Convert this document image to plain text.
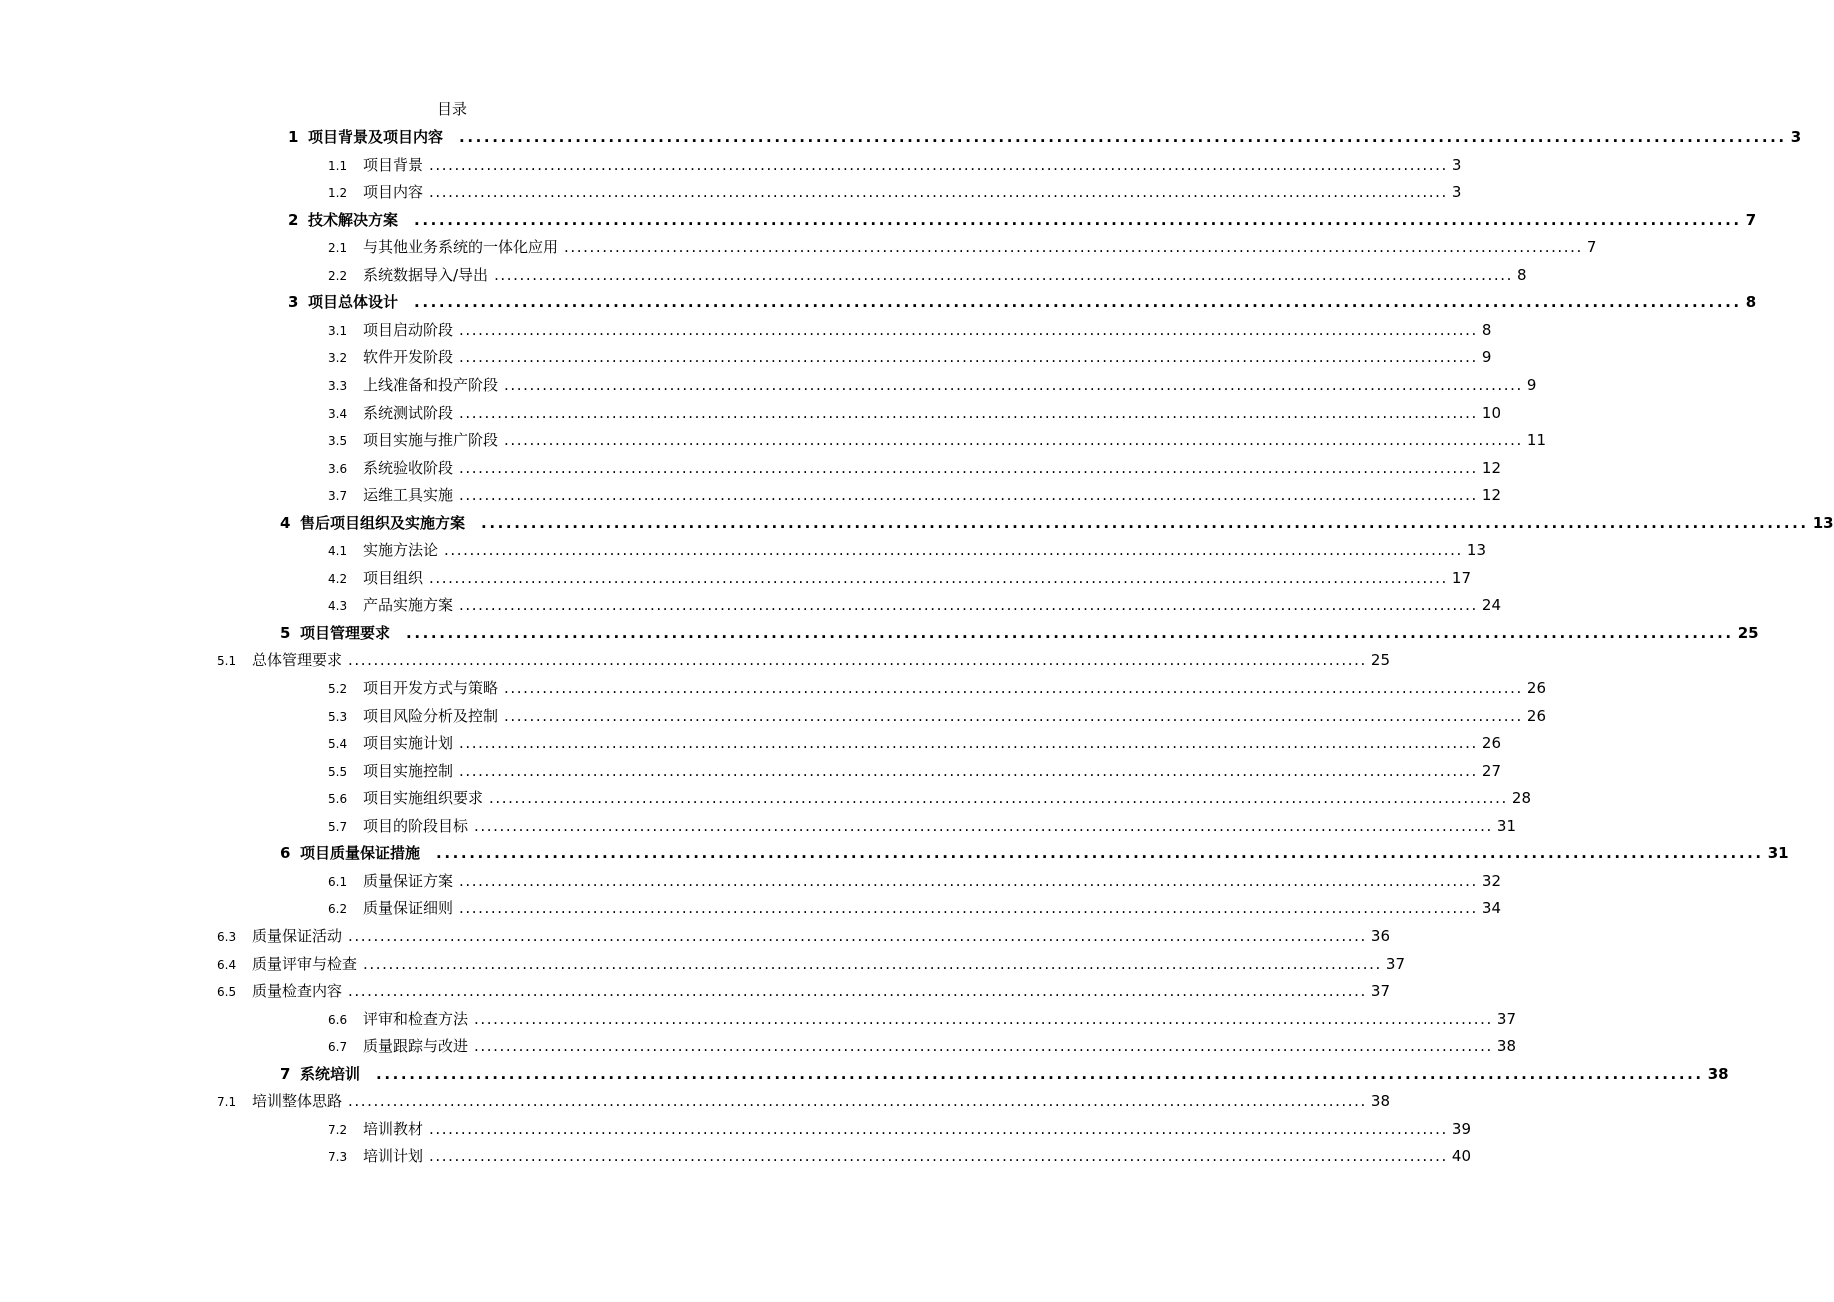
目录
1 项目背景及项目内容 ................................................................................................................................................................ 3
1.1	项目背景 ................................................................................................................................................................ 3
1.2	项目内容 ................................................................................................................................................................ 3
2 技术解决方案 ................................................................................................................................................................ 7
2.1	与其他业务系统的一体化应用 ................................................................................................................................................................ 7
2.2	系统数据导入/导出 ................................................................................................................................................................ 8
3 项目总体设计 ................................................................................................................................................................ 8
3.1	项目启动阶段 ................................................................................................................................................................ 8
3.2	软件开发阶段 ................................................................................................................................................................ 9
3.3	上线准备和投产阶段 ................................................................................................................................................................ 9
3.4	系统测试阶段 ................................................................................................................................................................ 10
3.5	项目实施与推广阶段 ................................................................................................................................................................ 11
3.6	系统验收阶段 ................................................................................................................................................................ 12
3.7	运维工具实施 ................................................................................................................................................................ 12
4 售后项目组织及实施方案 ................................................................................................................................................................ 13
4.1	实施方法论 ................................................................................................................................................................ 13
4.2	项目组织 ................................................................................................................................................................ 17
4.3	产品实施方案 ................................................................................................................................................................ 24
5 项目管理要求 ................................................................................................................................................................ 25
5.1	总体管理要求 ................................................................................................................................................................ 25
5.2	项目开发方式与策略 ................................................................................................................................................................ 26
5.3	项目风险分析及控制 ................................................................................................................................................................ 26
5.4	项目实施计划 ................................................................................................................................................................ 26
5.5	项目实施控制 ................................................................................................................................................................ 27
5.6	项目实施组织要求 ................................................................................................................................................................ 28
5.7	项目的阶段目标 ................................................................................................................................................................ 31
6 项目质量保证措施 ................................................................................................................................................................ 31
6.1	质量保证方案 ................................................................................................................................................................ 32
6.2	质量保证细则 ................................................................................................................................................................ 34
6.3	质量保证活动 ................................................................................................................................................................ 36
6.4	质量评审与检查 ................................................................................................................................................................ 37
6.5	质量检查内容 ................................................................................................................................................................ 37
6.6	评审和检查方法 ................................................................................................................................................................ 37
6.7	质量跟踪与改进 ................................................................................................................................................................ 38
7 系统培训 ................................................................................................................................................................ 38
7.1	培训整体思路 ................................................................................................................................................................ 38
7.2	培训教材 ................................................................................................................................................................ 39
7.3	培训计划 ................................................................................................................................................................ 40
